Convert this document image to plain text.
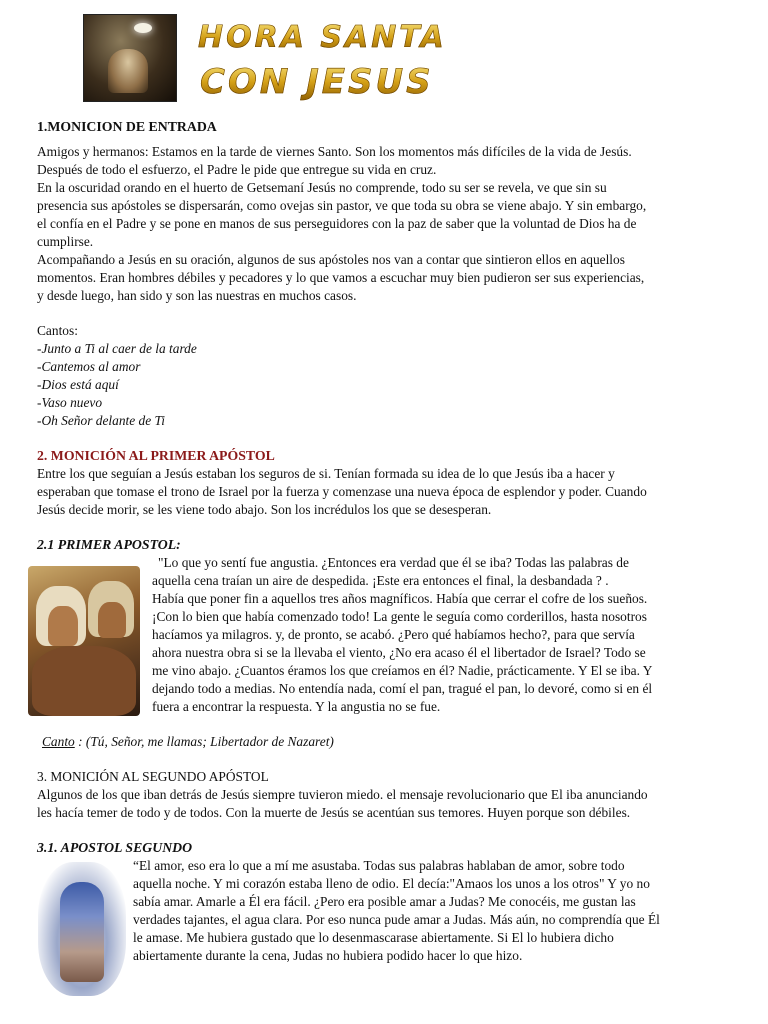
HORA SANTA
CON JESUS
1.MONICION DE ENTRADA
Amigos y hermanos: Estamos en la tarde de viernes Santo. Son los momentos más difíciles de la vida de Jesús.
Después de todo el esfuerzo, el Padre le pide que entregue su vida en cruz.
En la oscuridad orando en el huerto de Getsemaní Jesús no comprende, todo su ser se revela, ve que sin su
presencia sus apóstoles se dispersarán, como ovejas sin pastor, ve que toda su obra se viene abajo. Y sin embargo,
el confía en el Padre y se pone en manos de sus perseguidores con la paz de saber que la voluntad de Dios ha de
cumplirse.
Acompañando a Jesús en su oración, algunos de sus apóstoles nos van a contar que sintieron ellos en aquellos
momentos. Eran hombres débiles y pecadores y lo que vamos a escuchar muy bien pudieron ser sus experiencias,
y desde luego, han sido y son las nuestras en muchos casos.
Cantos:
-Junto a Ti al caer de la tarde
-Cantemos al amor
-Dios está aquí
-Vaso nuevo
-Oh Señor delante de Ti
2. MONICIÓN AL PRIMER APÓSTOL
Entre los que seguían a Jesús estaban los seguros de si. Tenían formada su idea de lo que Jesús iba a hacer y
esperaban que tomase el trono de Israel por la fuerza y comenzase una nueva época de esplendor y poder. Cuando
Jesús decide morir, se les viene todo abajo. Son los incrédulos los que se desesperan.
2.1 PRIMER APOSTOL:
"Lo que yo sentí fue angustia. ¿Entonces era verdad que él se iba? Todas las palabras de
aquella cena traían un aire de despedida. ¡Este era entonces el final, la desbandada ? .
Había que poner fin a aquellos tres años magníficos. Había que cerrar el cofre de los sueños.
¡Con lo bien que había comenzado todo! La gente le seguía como corderillos, hasta nosotros
hacíamos ya milagros. y, de pronto, se acabó. ¿Pero qué habíamos hecho?, para que servía
ahora nuestra obra si se la llevaba el viento, ¿No era acaso él el libertador de Israel? Todo se
me vino abajo. ¿Cuantos éramos los que creíamos en él? Nadie, prácticamente. Y El se iba. Y
dejando todo a medias. No entendía nada, comí el pan, tragué el pan, lo devoré, como si en él
fuera a encontrar la respuesta. Y la angustia no se fue.
Canto : (Tú, Señor, me llamas; Libertador de Nazaret)
3. MONICIÓN AL SEGUNDO APÓSTOL
Algunos de los que iban detrás de Jesús siempre tuvieron miedo. el mensaje revolucionario que El iba anunciando
les hacía temer de todo y de todos. Con la muerte de Jesús se acentúan sus temores. Huyen porque son débiles.
3.1. APOSTOL SEGUNDO
“El amor, eso era lo que a mí me asustaba. Todas sus palabras hablaban de amor, sobre todo
aquella noche. Y mi corazón estaba lleno de odio. El decía:"Amaos los unos a los otros" Y yo no
sabía amar. Amarle a Él era fácil. ¿Pero era posible amar a Judas? Me conocéis, me gustan las
verdades tajantes, el agua clara. Por eso nunca pude amar a Judas. Más aún, no comprendía que Él
le amase. Me hubiera gustado que lo desenmascarase abiertamente. Si El lo hubiera dicho
abiertamente durante la cena, Judas no hubiera podido hacer lo que hizo.
